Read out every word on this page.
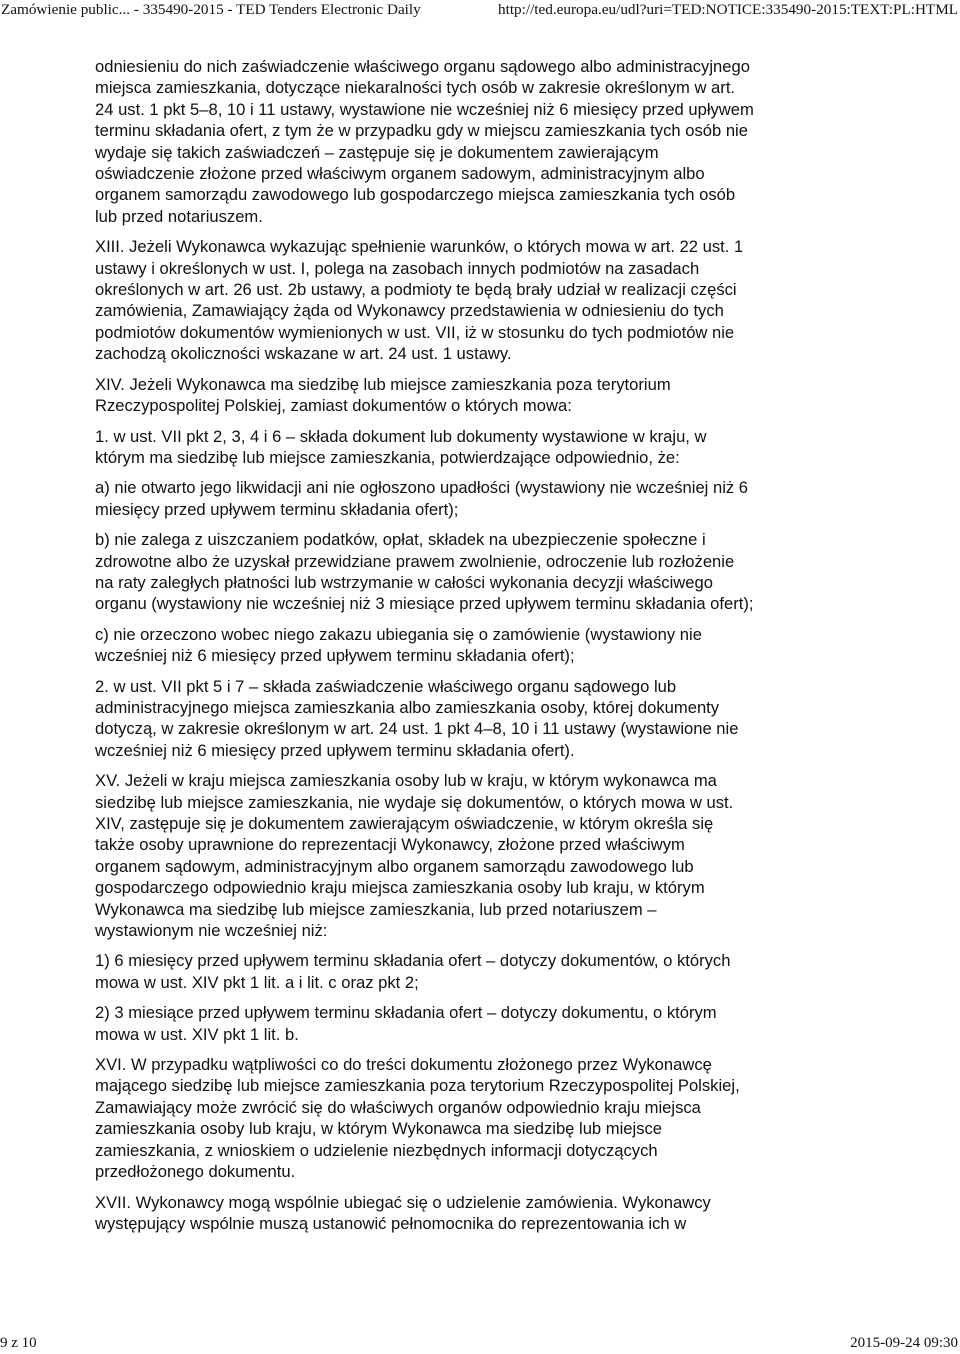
Zamówienie public... - 335490-2015 - TED Tenders Electronic Daily	http://ted.europa.eu/udl?uri=TED:NOTICE:335490-2015:TEXT:PL:HTML

odniesieniu do nich zaświadczenie właściwego organu sądowego albo administracyjnego
miejsca zamieszkania, dotyczące niekaralności tych osób w zakresie określonym w art.
24 ust. 1 pkt 5–8, 10 i 11 ustawy, wystawione nie wcześniej niż 6 miesięcy przed upływem
terminu składania ofert, z tym że w przypadku gdy w miejscu zamieszkania tych osób nie
wydaje się takich zaświadczeń – zastępuje się je dokumentem zawierającym
oświadczenie złożone przed właściwym organem sadowym, administracyjnym albo
organem samorządu zawodowego lub gospodarczego miejsca zamieszkania tych osób
lub przed notariuszem.

XIII. Jeżeli Wykonawca wykazując spełnienie warunków, o których mowa w art. 22 ust. 1
ustawy i określonych w ust. I, polega na zasobach innych podmiotów na zasadach
określonych w art. 26 ust. 2b ustawy, a podmioty te będą brały udział w realizacji części
zamówienia, Zamawiający żąda od Wykonawcy przedstawienia w odniesieniu do tych
podmiotów dokumentów wymienionych w ust. VII, iż w stosunku do tych podmiotów nie
zachodzą okoliczności wskazane w art. 24 ust. 1 ustawy.

XIV. Jeżeli Wykonawca ma siedzibę lub miejsce zamieszkania poza terytorium
Rzeczypospolitej Polskiej, zamiast dokumentów o których mowa:

1. w ust. VII pkt 2, 3, 4 i 6 – składa dokument lub dokumenty wystawione w kraju, w
którym ma siedzibę lub miejsce zamieszkania, potwierdzające odpowiednio, że:

a) nie otwarto jego likwidacji ani nie ogłoszono upadłości (wystawiony nie wcześniej niż 6
miesięcy przed upływem terminu składania ofert);

b) nie zalega z uiszczaniem podatków, opłat, składek na ubezpieczenie społeczne i
zdrowotne albo że uzyskał przewidziane prawem zwolnienie, odroczenie lub rozłożenie
na raty zaległych płatności lub wstrzymanie w całości wykonania decyzji właściwego
organu (wystawiony nie wcześniej niż 3 miesiące przed upływem terminu składania ofert);

c) nie orzeczono wobec niego zakazu ubiegania się o zamówienie (wystawiony nie
wcześniej niż 6 miesięcy przed upływem terminu składania ofert);

2. w ust. VII pkt 5 i 7 – składa zaświadczenie właściwego organu sądowego lub
administracyjnego miejsca zamieszkania albo zamieszkania osoby, której dokumenty
dotyczą, w zakresie określonym w art. 24 ust. 1 pkt 4–8, 10 i 11 ustawy (wystawione nie
wcześniej niż 6 miesięcy przed upływem terminu składania ofert).

XV. Jeżeli w kraju miejsca zamieszkania osoby lub w kraju, w którym wykonawca ma
siedzibę lub miejsce zamieszkania, nie wydaje się dokumentów, o których mowa w ust.
XIV, zastępuje się je dokumentem zawierającym oświadczenie, w którym określa się
także osoby uprawnione do reprezentacji Wykonawcy, złożone przed właściwym
organem sądowym, administracyjnym albo organem samorządu zawodowego lub
gospodarczego odpowiednio kraju miejsca zamieszkania osoby lub kraju, w którym
Wykonawca ma siedzibę lub miejsce zamieszkania, lub przed notariuszem –
wystawionym nie wcześniej niż:

1) 6 miesięcy przed upływem terminu składania ofert – dotyczy dokumentów, o których
mowa w ust. XIV pkt 1 lit. a i lit. c oraz pkt 2;

2) 3 miesiące przed upływem terminu składania ofert – dotyczy dokumentu, o którym
mowa w ust. XIV pkt 1 lit. b.

XVI. W przypadku wątpliwości co do treści dokumentu złożonego przez Wykonawcę
mającego siedzibę lub miejsce zamieszkania poza terytorium Rzeczypospolitej Polskiej,
Zamawiający może zwrócić się do właściwych organów odpowiednio kraju miejsca
zamieszkania osoby lub kraju, w którym Wykonawca ma siedzibę lub miejsce
zamieszkania, z wnioskiem o udzielenie niezbędnych informacji dotyczących
przedłożonego dokumentu.

XVII. Wykonawcy mogą wspólnie ubiegać się o udzielenie zamówienia. Wykonawcy
występujący wspólnie muszą ustanowić pełnomocnika do reprezentowania ich w

9 z 10	2015-09-24 09:30
